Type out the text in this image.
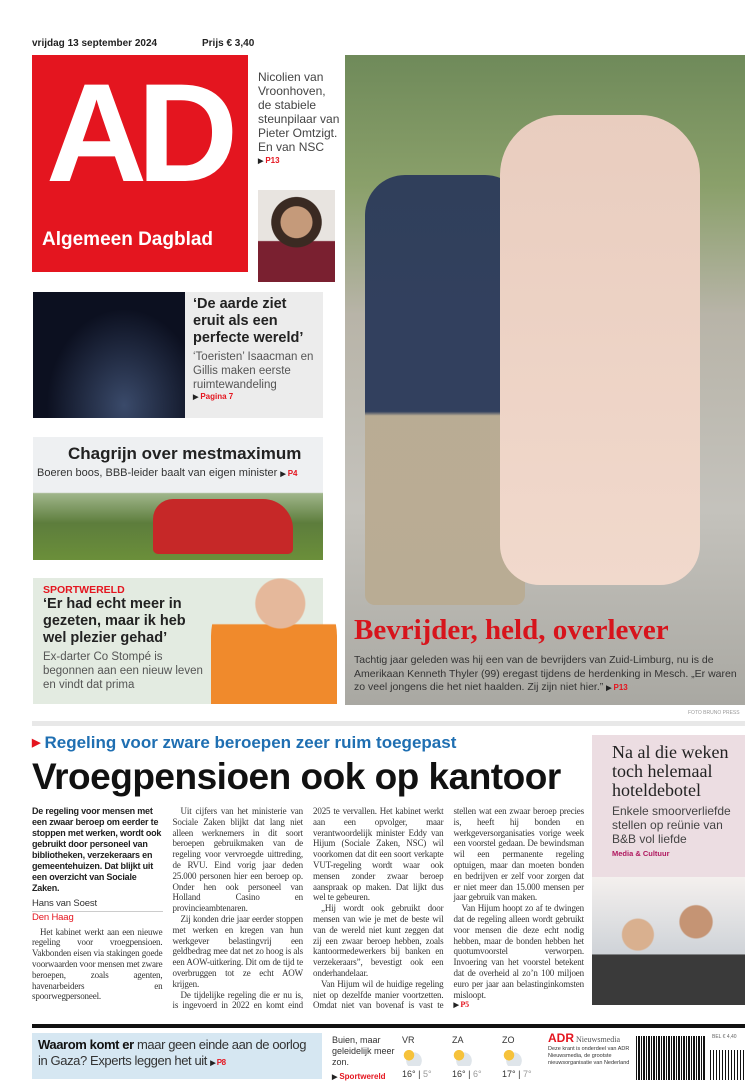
vrijdag 13 september 2024	Prijs € 3,40
AD
Algemeen Dagblad
Nicolien van Vroonhoven, de stabiele steunpilaar van Pieter Omtzigt. En van NSC
▶ P13
Bevrijder, held, overlever
Tachtig jaar geleden was hij een van de bevrijders van Zuid-Limburg, nu is de Amerikaan Kenneth Thyler (99) eregast tijdens de herdenking in Mesch. „Er waren zo veel jongens die het niet haalden. Zij zijn niet hier.” ▶ P13
FOTO BRUNO PRESS
‘De aarde ziet eruit als een perfecte wereld’
‘Toeristen’ Isaacman en Gillis maken eerste ruimtewandeling
▶ Pagina 7
Chagrijn over mestmaximum
Boeren boos, BBB-leider baalt van eigen minister ▶ P4
SPORTWERELD
‘Er had echt meer in gezeten, maar ik heb wel plezier gehad’
Ex-darter Co Stompé is begonnen aan een nieuw leven en vindt dat prima
▶ Regeling voor zware beroepen zeer ruim toegepast
Vroegpensioen ook op kantoor
De regeling voor mensen met een zwaar beroep om eerder te stoppen met werken, wordt ook gebruikt door personeel van bibliotheken, verzekeraars en gemeentehuizen. Dat blijkt uit een overzicht van Sociale Zaken.
Hans van Soest
Den Haag

Het kabinet werkt aan een nieuwe regeling voor vroegpensioen. Vakbonden eisen via stakingen goede voorwaarden voor mensen met zware beroepen, zoals agenten, havenarbeiders en spoorwegpersoneel.

Uit cijfers van het ministerie van Sociale Zaken blijkt dat lang niet alleen werknemers in dit soort beroepen gebruikmaken van de regeling voor vervroegde uittreding, de RVU. Eind vorig jaar deden 25.000 personen hier een beroep op. Onder hen ook personeel van Holland Casino en provincieambtenaren.

Zij konden drie jaar eerder stoppen met werken en kregen van hun werkgever belastingvrij een geldbedrag mee dat net zo hoog is als een AOW-uitkering. Dit om de tijd te overbruggen tot ze echt AOW krijgen.

De tijdelijke regeling die er nu is, is ingevoerd in 2022 en komt eind 2025 te vervallen. Het kabinet werkt aan een opvolger, maar verantwoordelijk minister Eddy van Hijum (Sociale Zaken, NSC) wil voorkomen dat dit een soort verkapte VUT-regeling wordt waar ook mensen zonder zwaar beroep aanspraak op maken. Dat lijkt dus wel te gebeuren.

„Hij wordt ook gebruikt door mensen van wie je met de beste wil van de wereld niet kunt zeggen dat zij een zwaar beroep hebben, zoals kantoormedewerkers bij banken en verzekeraars”, bevestigt ook een onderhandelaar.

Van Hijum wil de huidige regeling niet op dezelfde manier voortzetten. Omdat niet van bovenaf is vast te stellen wat een zwaar beroep precies is, heeft hij bonden en werkgeversorganisaties vorige week een voorstel gedaan. De bewindsman wil een permanente regeling optuigen, maar dan moeten bonden en bedrijven er zelf voor zorgen dat er niet meer dan 15.000 mensen per jaar gebruik van maken.

Van Hijum hoopt zo af te dwingen dat de regeling alleen wordt gebruikt voor mensen die deze echt nodig hebben, maar de bonden hebben het quotumvoorstel verworpen. Invoering van het voorstel betekent dat de overheid al zo’n 100 miljoen euro per jaar aan belastinginkomsten misloopt.

▶ P5
Na al die weken toch helemaal hoteldebotel
Enkele smoorverliefde stellen op reünie van B&B vol liefde
Media & Cultuur
Waarom komt er maar geen einde aan de oorlog in Gaza? Experts leggen het uit ▶ P8
Buien, maar geleidelijk meer zon.
▶ Sportwereld
VR
16° | 5°
ZA
16° | 6°
ZO
17° | 7°
ADR Nieuwsmedia
Deze krant is onderdeel van ADR Nieuwsmedia, de grootste nieuwsorganisatie van Nederland
BEL € 4,40
